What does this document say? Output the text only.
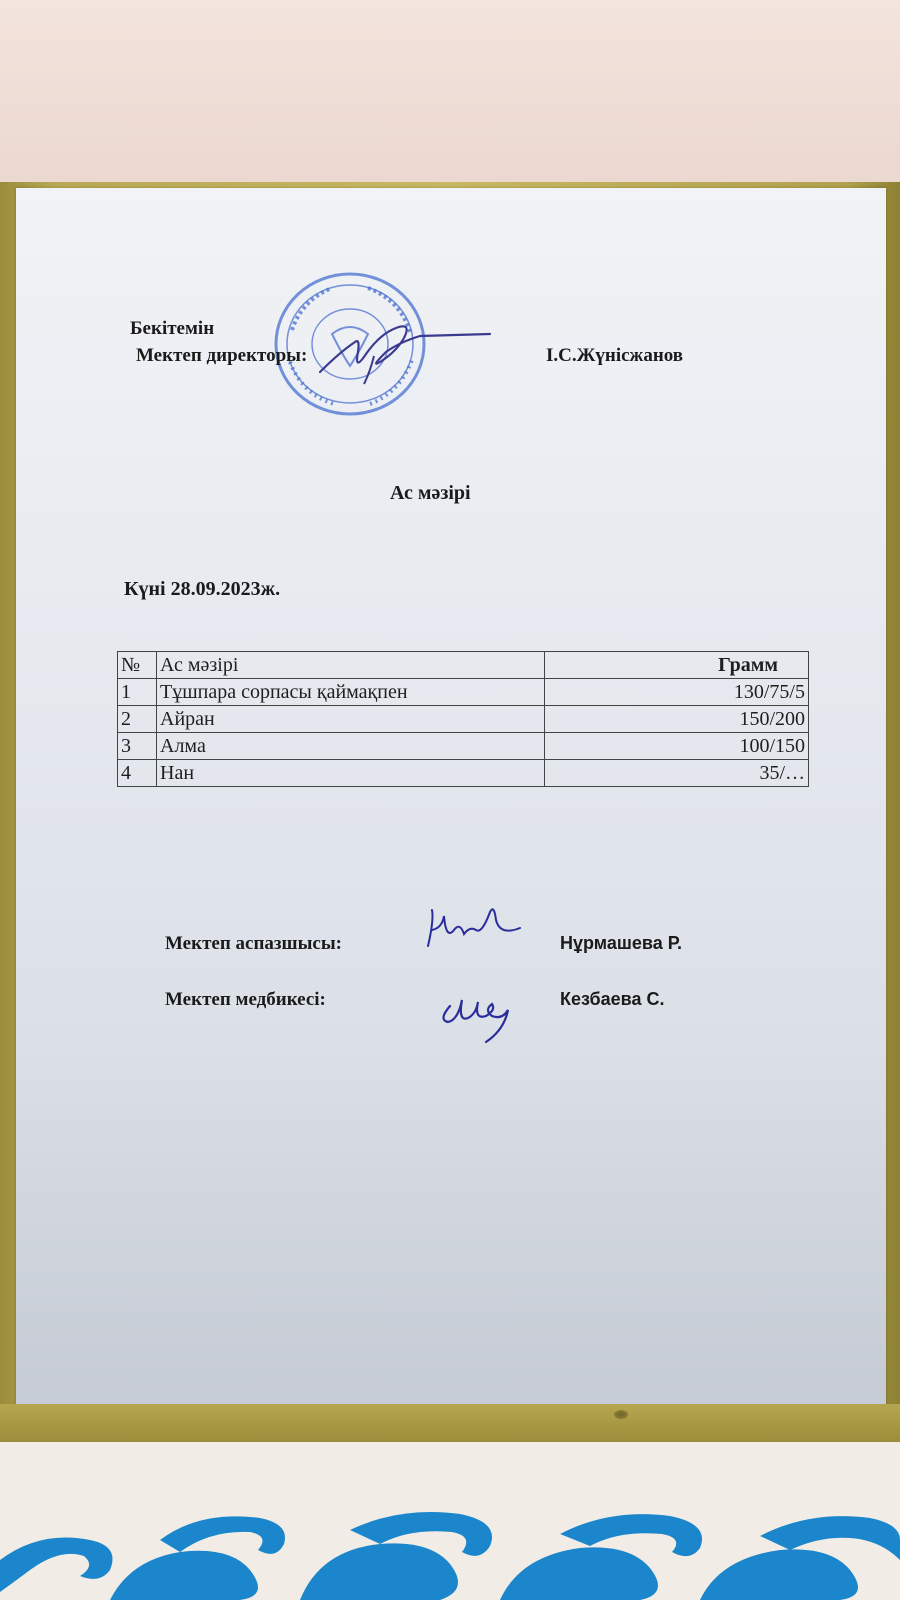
Бекітемін
Мектеп директоры:	І.С.Жүнісжанов
Ас мәзірі
Күні 28.09.2023ж.
№	Ас мәзірі	Грамм
1	Тұшпара сорпасы қаймақпен	130/75/5
2	Айран	150/200
3	Алма	100/150
4	Нан	35/…
Мектеп аспазшысы:	Нұрмашева Р.
Мектеп медбикесі:	Кезбаева С.
